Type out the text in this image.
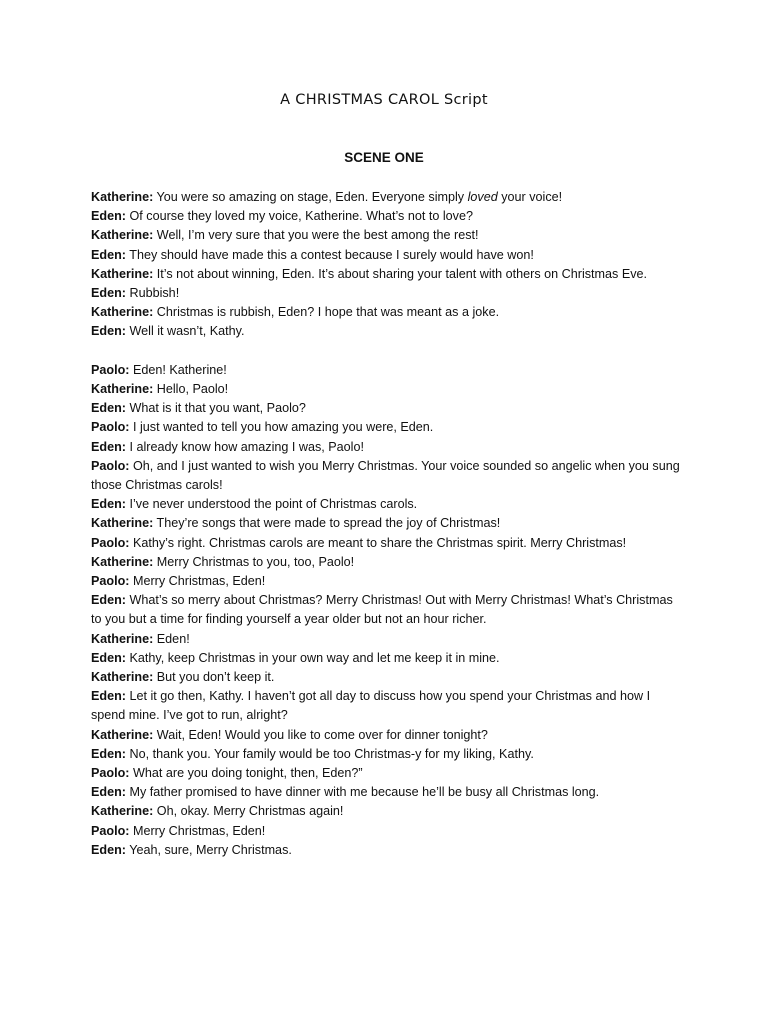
A CHRISTMAS CAROL Script
SCENE ONE
Katherine: You were so amazing on stage, Eden. Everyone simply loved your voice!
Eden: Of course they loved my voice, Katherine. What’s not to love?
Katherine: Well, I’m very sure that you were the best among the rest!
Eden: They should have made this a contest because I surely would have won!
Katherine: It’s not about winning, Eden. It’s about sharing your talent with others on Christmas Eve.
Eden: Rubbish!
Katherine: Christmas is rubbish, Eden? I hope that was meant as a joke.
Eden: Well it wasn’t, Kathy.
Paolo: Eden! Katherine!
Katherine: Hello, Paolo!
Eden: What is it that you want, Paolo?
Paolo: I just wanted to tell you how amazing you were, Eden.
Eden: I already know how amazing I was, Paolo!
Paolo: Oh, and I just wanted to wish you Merry Christmas. Your voice sounded so angelic when you sung those Christmas carols!
Eden: I’ve never understood the point of Christmas carols.
Katherine: They’re songs that were made to spread the joy of Christmas!
Paolo: Kathy’s right. Christmas carols are meant to share the Christmas spirit. Merry Christmas!
Katherine: Merry Christmas to you, too, Paolo!
Paolo: Merry Christmas, Eden!
Eden: What’s so merry about Christmas? Merry Christmas! Out with Merry Christmas! What’s Christmas to you but a time for finding yourself a year older but not an hour richer.
Katherine: Eden!
Eden: Kathy, keep Christmas in your own way and let me keep it in mine.
Katherine: But you don’t keep it.
Eden: Let it go then, Kathy. I haven’t got all day to discuss how you spend your Christmas and how I spend mine. I’ve got to run, alright?
Katherine: Wait, Eden! Would you like to come over for dinner tonight?
Eden: No, thank you. Your family would be too Christmas-y for my liking, Kathy.
Paolo: What are you doing tonight, then, Eden?”
Eden: My father promised to have dinner with me because he’ll be busy all Christmas long.
Katherine: Oh, okay. Merry Christmas again!
Paolo: Merry Christmas, Eden!
Eden: Yeah, sure, Merry Christmas.
